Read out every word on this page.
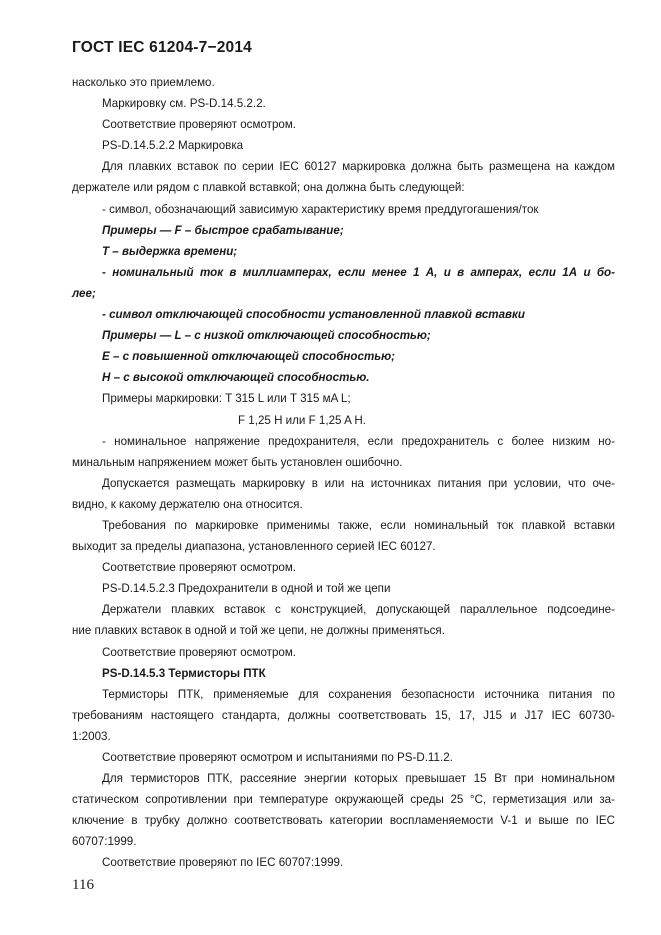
ГОСТ IEC 61204-7−2014

насколько это приемлемо.

Маркировку см. PS-D.14.5.2.2.

Соответствие проверяют осмотром.

PS-D.14.5.2.2 Маркировка

Для плавких вставок по серии IEC 60127 маркировка должна быть размещена на каждом

держателе или рядом с плавкой вставкой; она должна быть следующей:

- символ, обозначающий зависимую характеристику время преддугогашения/ток

Примеры — F – быстрое срабатывание;

T – выдержка времени;

- номинальный ток в миллиамперах, если менее 1 А, и в амперах, если 1А и бо-

лее;

- символ отключающей способности установленной плавкой вставки

Примеры — L – с низкой отключающей способностью;

E – с повышенной отключающей способностью;

H – с высокой отключающей способностью.

Примеры маркировки: T 315 L или T 315 мA L;

F 1,25 H или F 1,25 A H.

- номинальное напряжение предохранителя, если предохранитель с более низким но-

минальным напряжением может быть установлен ошибочно.

Допускается размещать маркировку в или на источниках питания при условии, что оче-

видно, к какому держателю она относится.

Требования по маркировке применимы также, если номинальный ток плавкой вставки

выходит за пределы диапазона, установленного серией IEC 60127.

Соответствие проверяют осмотром.

PS-D.14.5.2.3 Предохранители в одной и той же цепи

Держатели плавких вставок с конструкцией, допускающей параллельное подсоедине-

ние плавких вставок в одной и той же цепи, не должны применяться.

Соответствие проверяют осмотром.

PS-D.14.5.3 Термисторы ПТК

Термисторы ПТК, применяемые для сохранения безопасности источника питания по

требованиям настоящего стандарта, должны соответствовать 15, 17, J15 и J17 IEC 60730-

1:2003.

Соответствие проверяют осмотром и испытаниями по PS-D.11.2.

Для термисторов ПТК, рассеяние энергии которых превышает 15 Вт при номинальном

статическом сопротивлении при температуре окружающей среды 25 °С, герметизация или за-

ключение в трубку должно соответствовать категории воспламеняемости V-1 и выше по IEC

60707:1999.

Соответствие проверяют по IEC 60707:1999.

116
